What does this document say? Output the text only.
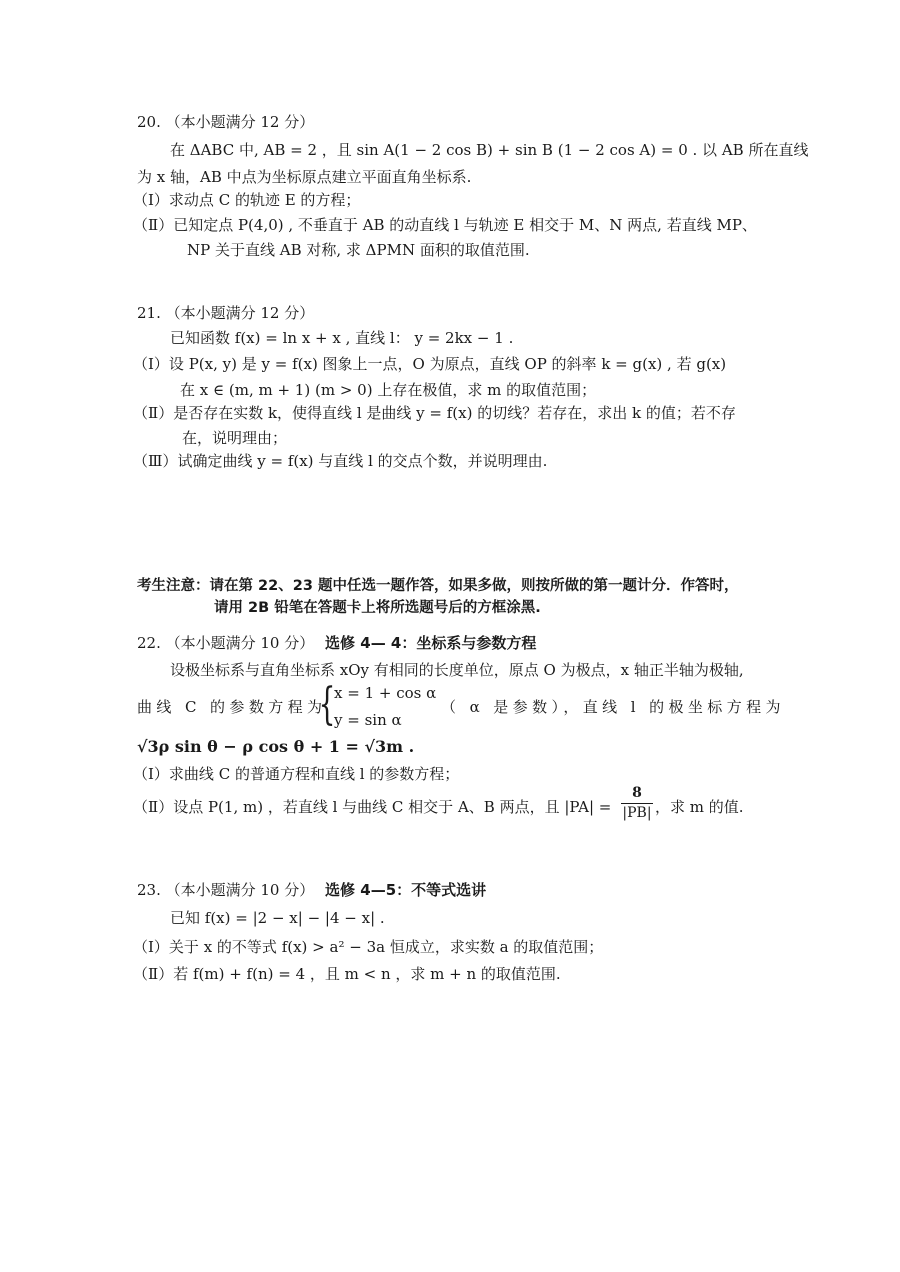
20. （本小题满分 12 分）
在 ΔABC 中, AB = 2 ，且 sin A(1 − 2 cos B) + sin B (1 − 2 cos A) = 0 . 以 AB 所在直线
为 x 轴，AB 中点为坐标原点建立平面直角坐标系.
（Ⅰ）求动点 C 的轨迹 E 的方程；
（Ⅱ）已知定点 P(4,0) , 不垂直于 AB 的动直线 l 与轨迹 E 相交于 M、N 两点, 若直线 MP、
NP 关于直线 AB 对称, 求 ΔPMN 面积的取值范围.
21. （本小题满分 12 分）
已知函数 f(x) = ln x + x , 直线 l： y = 2kx − 1 .
（Ⅰ）设 P(x, y) 是 y = f(x) 图象上一点，O 为原点，直线 OP 的斜率 k = g(x) , 若 g(x)
在 x ∈ (m, m + 1) (m > 0) 上存在极值，求 m 的取值范围；
（Ⅱ）是否存在实数 k，使得直线 l 是曲线 y = f(x) 的切线？若存在，求出 k 的值；若不存
在，说明理由；
（Ⅲ）试确定曲线 y = f(x) 与直线 l 的交点个数，并说明理由.
考生注意：请在第 22、23 题中任选一题作答，如果多做，则按所做的第一题计分．作答时，
请用 2B 铅笔在答题卡上将所选题号后的方框涂黑.
22. （本小题满分 10 分） 选修 4— 4：坐标系与参数方程
设极坐标系与直角坐标系 xOy 有相同的长度单位，原点 O 为极点，x 轴正半轴为极轴,
曲线 C 的参数方程为
{
x = 1 + cos α
y = sin α
（ α 是参数），直线 l 的极坐标方程为
√3ρ sin θ − ρ cos θ + 1 = √3m .
（Ⅰ）求曲线 C 的普通方程和直线 l 的参数方程；
（Ⅱ）设点 P(1, m) ，若直线 l 与曲线 C 相交于 A、B 两点，且 |PA| =
8
|PB| ，求 m 的值.
23. （本小题满分 10 分） 选修 4—5：不等式选讲
已知 f(x) = |2 − x| − |4 − x| .
（Ⅰ）关于 x 的不等式 f(x) > a² − 3a 恒成立，求实数 a 的取值范围；
（Ⅱ）若 f(m) + f(n) = 4 ，且 m < n ，求 m + n 的取值范围.
